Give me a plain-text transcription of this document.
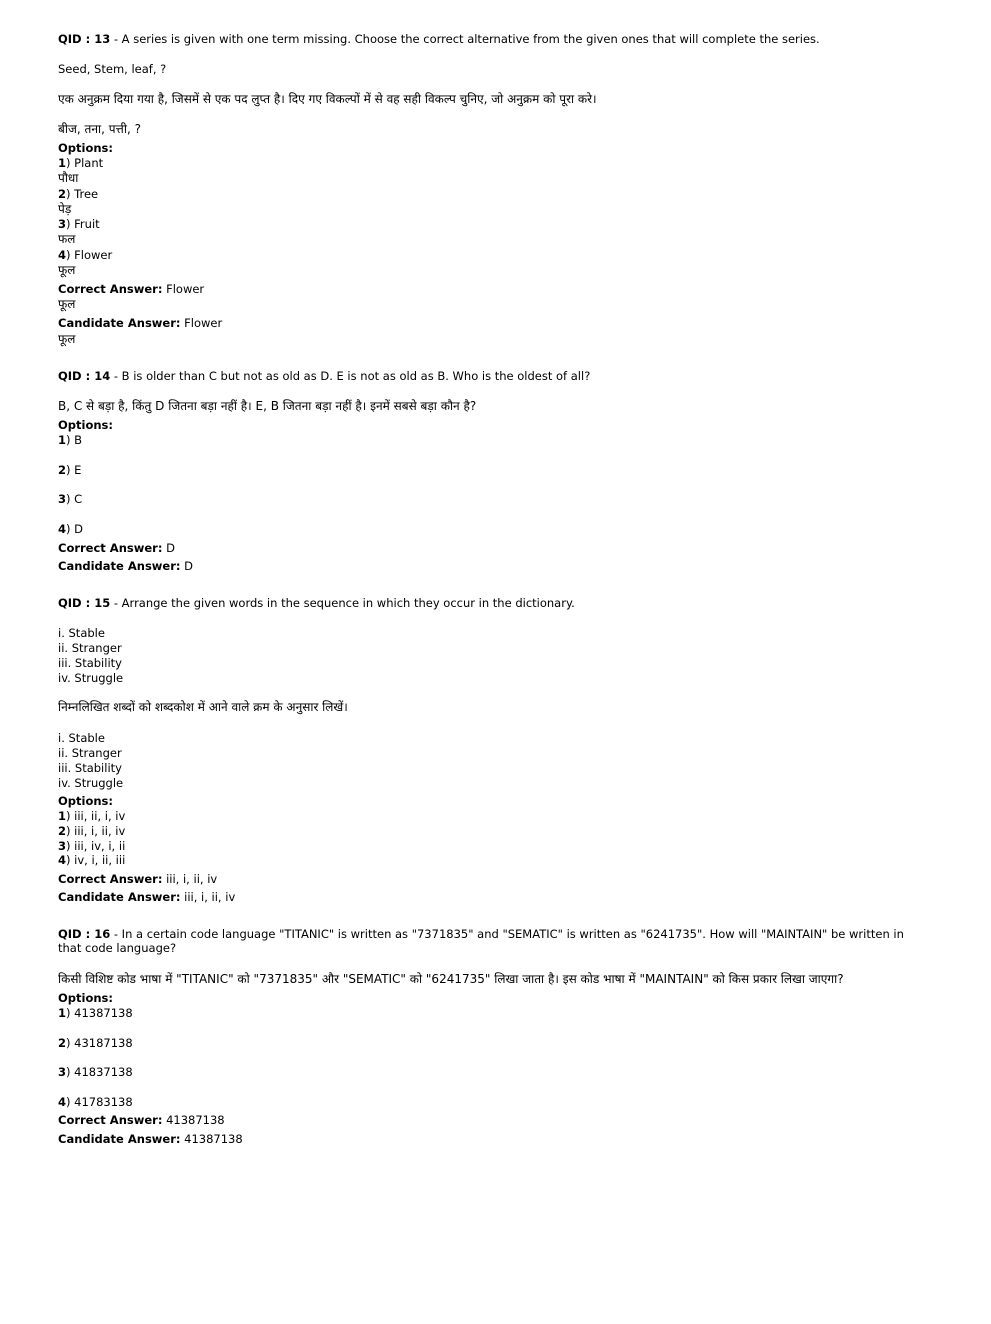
QID : 13 - A series is given with one term missing. Choose the correct alternative from the given ones that will complete the series.
Seed, Stem, leaf, ?
एक अनुक्रम दिया गया है, जिसमें से एक पद लुप्त है। दिए गए विकल्पों में से वह सही विकल्प चुनिए, जो अनुक्रम को पूरा करे।
बीज, तना, पत्ती, ?
Options:
1) Plant
पौधा
2) Tree
पेड़
3) Fruit
फल
4) Flower
फूल
Correct Answer: Flower
फूल
Candidate Answer: Flower
फूल
QID : 14 - B is older than C but not as old as D. E is not as old as B. Who is the oldest of all?
B, C से बड़ा है, किंतु D जितना बड़ा नहीं है। E, B जितना बड़ा नहीं है। इनमें सबसे बड़ा कौन है?
Options:
1) B
2) E
3) C
4) D
Correct Answer: D
Candidate Answer: D
QID : 15 - Arrange the given words in the sequence in which they occur in the dictionary.
i. Stable
ii. Stranger
iii. Stability
iv. Struggle
निम्नलिखित शब्दों को शब्दकोश में आने वाले क्रम के अनुसार लिखें।
i. Stable
ii. Stranger
iii. Stability
iv. Struggle
Options:
1) iii, ii, i, iv
2) iii, i, ii, iv
3) iii, iv, i, ii
4) iv, i, ii, iii
Correct Answer: iii, i, ii, iv
Candidate Answer: iii, i, ii, iv
QID : 16 - In a certain code language "TITANIC" is written as "7371835" and "SEMATIC" is written as "6241735". How will "MAINTAIN" be written in that code language?
किसी विशिष्ट कोड भाषा में "TITANIC" को "7371835" और "SEMATIC" को "6241735" लिखा जाता है। इस कोड भाषा में "MAINTAIN" को किस प्रकार लिखा जाएगा?
Options:
1) 41387138
2) 43187138
3) 41837138
4) 41783138
Correct Answer: 41387138
Candidate Answer: 41387138
